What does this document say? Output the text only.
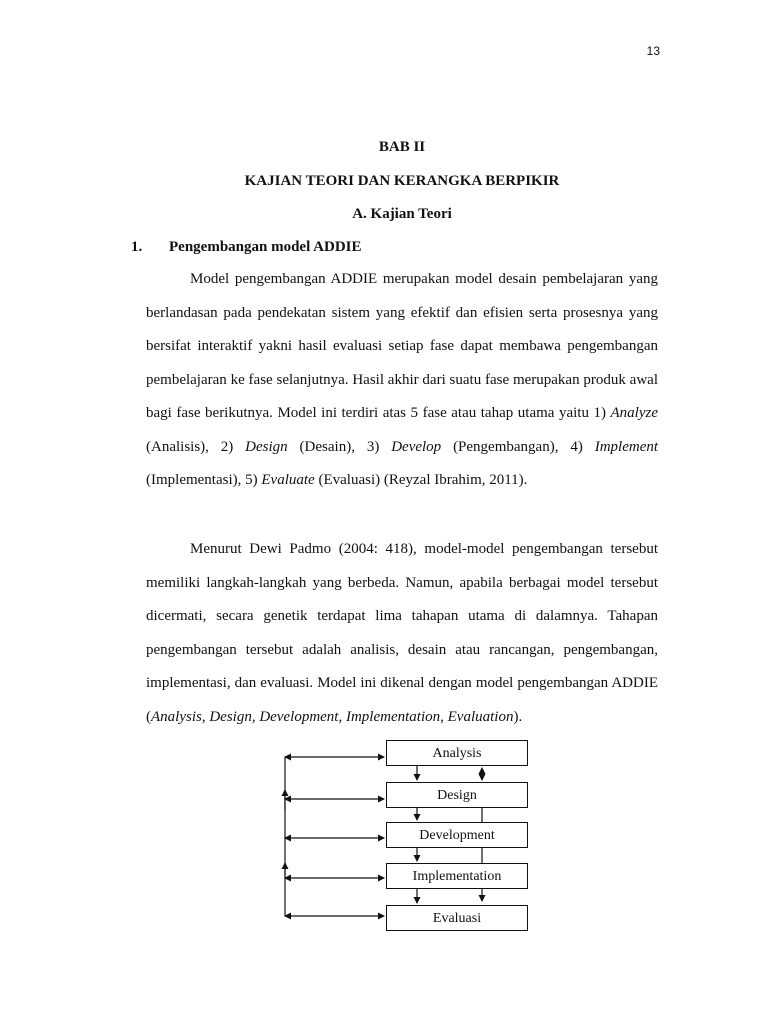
13
BAB II
KAJIAN TEORI DAN KERANGKA BERPIKIR
A. Kajian Teori
1. Pengembangan model ADDIE

Model pengembangan ADDIE merupakan model desain pembelajaran yang berlandasan pada pendekatan sistem yang efektif dan efisien serta prosesnya yang bersifat interaktif yakni hasil evaluasi setiap fase dapat membawa pengembangan pembelajaran ke fase selanjutnya. Hasil akhir dari suatu fase merupakan produk awal bagi fase berikutnya. Model ini terdiri atas 5 fase atau tahap utama yaitu 1) Analyze (Analisis), 2) Design (Desain), 3) Develop (Pengembangan), 4) Implement (Implementasi), 5) Evaluate (Evaluasi) (Reyzal Ibrahim, 2011).

Menurut Dewi Padmo (2004: 418), model-model pengembangan tersebut memiliki langkah-langkah yang berbeda. Namun, apabila berbagai model tersebut dicermati, secara genetik terdapat lima tahapan utama di dalamnya. Tahapan pengembangan tersebut adalah analisis, desain atau rancangan, pengembangan, implementasi, dan evaluasi. Model ini dikenal dengan model pengembangan ADDIE (Analysis, Design, Development, Implementation, Evaluation).

Analysis
Design
Development
Implementation
Evaluasi
